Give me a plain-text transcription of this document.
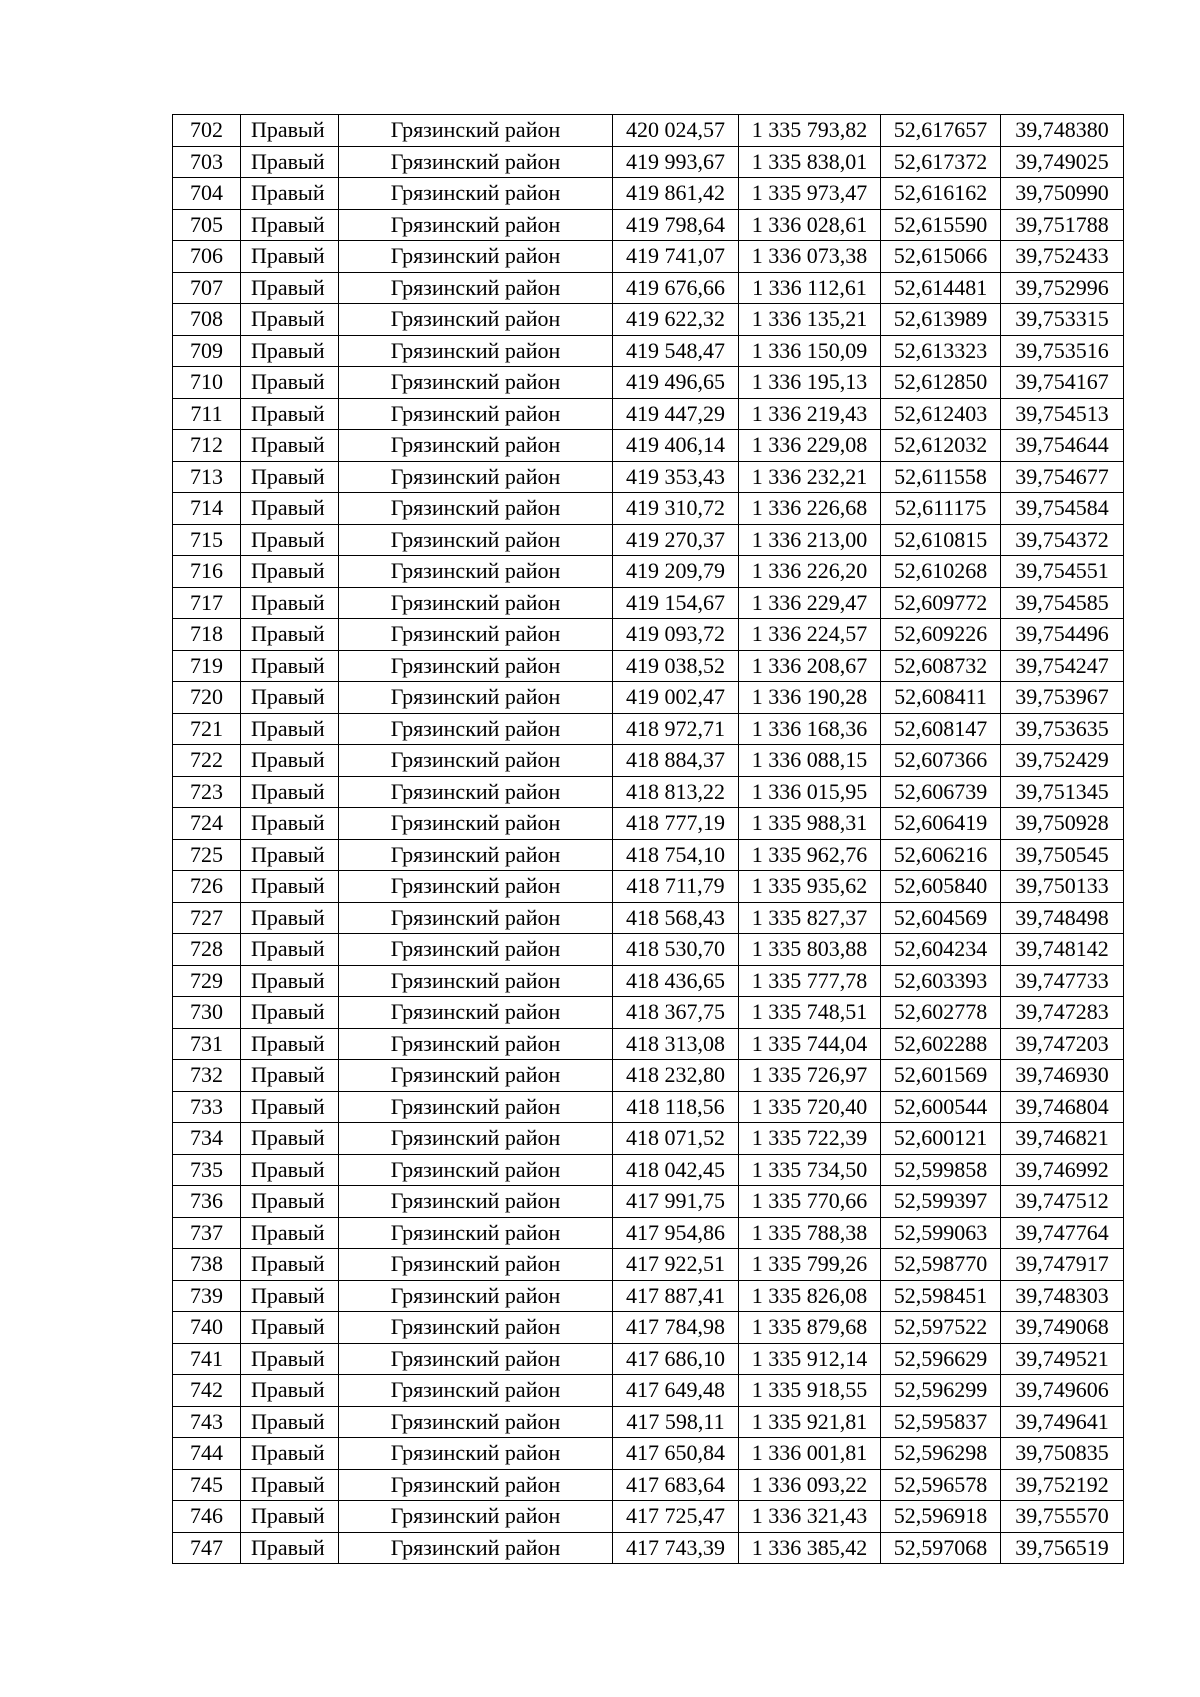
702	Правый	Грязинский район	420 024,57	1 335 793,82	52,617657	39,748380
703	Правый	Грязинский район	419 993,67	1 335 838,01	52,617372	39,749025
704	Правый	Грязинский район	419 861,42	1 335 973,47	52,616162	39,750990
705	Правый	Грязинский район	419 798,64	1 336 028,61	52,615590	39,751788
706	Правый	Грязинский район	419 741,07	1 336 073,38	52,615066	39,752433
707	Правый	Грязинский район	419 676,66	1 336 112,61	52,614481	39,752996
708	Правый	Грязинский район	419 622,32	1 336 135,21	52,613989	39,753315
709	Правый	Грязинский район	419 548,47	1 336 150,09	52,613323	39,753516
710	Правый	Грязинский район	419 496,65	1 336 195,13	52,612850	39,754167
711	Правый	Грязинский район	419 447,29	1 336 219,43	52,612403	39,754513
712	Правый	Грязинский район	419 406,14	1 336 229,08	52,612032	39,754644
713	Правый	Грязинский район	419 353,43	1 336 232,21	52,611558	39,754677
714	Правый	Грязинский район	419 310,72	1 336 226,68	52,611175	39,754584
715	Правый	Грязинский район	419 270,37	1 336 213,00	52,610815	39,754372
716	Правый	Грязинский район	419 209,79	1 336 226,20	52,610268	39,754551
717	Правый	Грязинский район	419 154,67	1 336 229,47	52,609772	39,754585
718	Правый	Грязинский район	419 093,72	1 336 224,57	52,609226	39,754496
719	Правый	Грязинский район	419 038,52	1 336 208,67	52,608732	39,754247
720	Правый	Грязинский район	419 002,47	1 336 190,28	52,608411	39,753967
721	Правый	Грязинский район	418 972,71	1 336 168,36	52,608147	39,753635
722	Правый	Грязинский район	418 884,37	1 336 088,15	52,607366	39,752429
723	Правый	Грязинский район	418 813,22	1 336 015,95	52,606739	39,751345
724	Правый	Грязинский район	418 777,19	1 335 988,31	52,606419	39,750928
725	Правый	Грязинский район	418 754,10	1 335 962,76	52,606216	39,750545
726	Правый	Грязинский район	418 711,79	1 335 935,62	52,605840	39,750133
727	Правый	Грязинский район	418 568,43	1 335 827,37	52,604569	39,748498
728	Правый	Грязинский район	418 530,70	1 335 803,88	52,604234	39,748142
729	Правый	Грязинский район	418 436,65	1 335 777,78	52,603393	39,747733
730	Правый	Грязинский район	418 367,75	1 335 748,51	52,602778	39,747283
731	Правый	Грязинский район	418 313,08	1 335 744,04	52,602288	39,747203
732	Правый	Грязинский район	418 232,80	1 335 726,97	52,601569	39,746930
733	Правый	Грязинский район	418 118,56	1 335 720,40	52,600544	39,746804
734	Правый	Грязинский район	418 071,52	1 335 722,39	52,600121	39,746821
735	Правый	Грязинский район	418 042,45	1 335 734,50	52,599858	39,746992
736	Правый	Грязинский район	417 991,75	1 335 770,66	52,599397	39,747512
737	Правый	Грязинский район	417 954,86	1 335 788,38	52,599063	39,747764
738	Правый	Грязинский район	417 922,51	1 335 799,26	52,598770	39,747917
739	Правый	Грязинский район	417 887,41	1 335 826,08	52,598451	39,748303
740	Правый	Грязинский район	417 784,98	1 335 879,68	52,597522	39,749068
741	Правый	Грязинский район	417 686,10	1 335 912,14	52,596629	39,749521
742	Правый	Грязинский район	417 649,48	1 335 918,55	52,596299	39,749606
743	Правый	Грязинский район	417 598,11	1 335 921,81	52,595837	39,749641
744	Правый	Грязинский район	417 650,84	1 336 001,81	52,596298	39,750835
745	Правый	Грязинский район	417 683,64	1 336 093,22	52,596578	39,752192
746	Правый	Грязинский район	417 725,47	1 336 321,43	52,596918	39,755570
747	Правый	Грязинский район	417 743,39	1 336 385,42	52,597068	39,756519
